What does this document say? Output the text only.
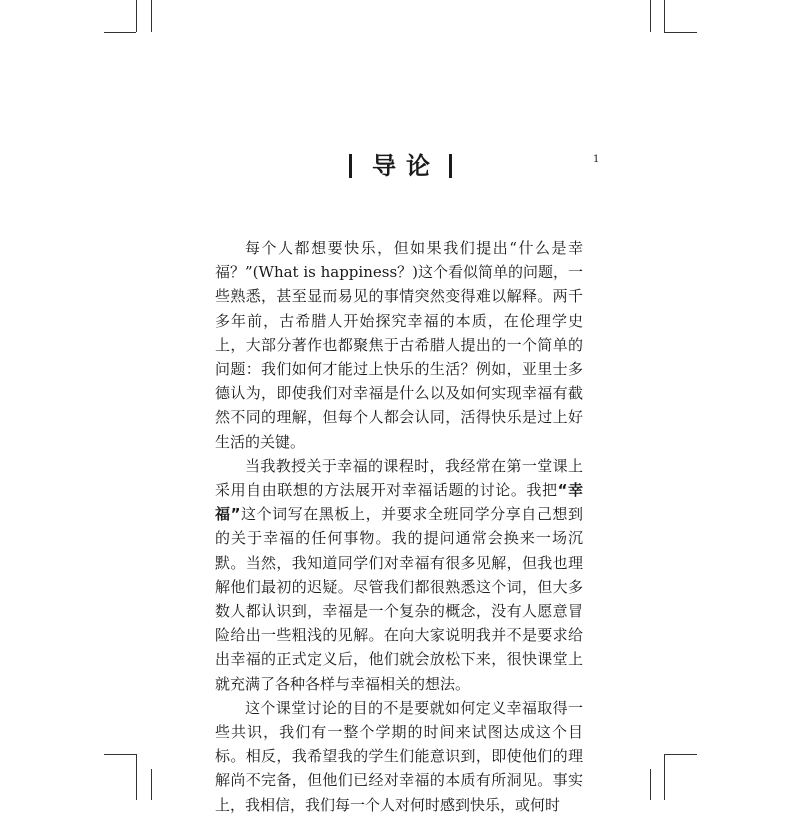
导论	1

每个人都想要快乐，但如果我们提出“什么是幸福？”(What is happiness？)这个看似简单的问题，一些熟悉，甚至显而易见的事情突然变得难以解释。两千多年前，古希腊人开始探究幸福的本质，在伦理学史上，大部分著作也都聚焦于古希腊人提出的一个简单的问题：我们如何才能过上快乐的生活？例如，亚里士多德认为，即使我们对幸福是什么以及如何实现幸福有截然不同的理解，但每个人都会认同，活得快乐是过上好生活的关键。

当我教授关于幸福的课程时，我经常在第一堂课上采用自由联想的方法展开对幸福话题的讨论。我把“幸福”这个词写在黑板上，并要求全班同学分享自己想到的关于幸福的任何事物。我的提问通常会换来一场沉默。当然，我知道同学们对幸福有很多见解，但我也理解他们最初的迟疑。尽管我们都很熟悉这个词，但大多数人都认识到，幸福是一个复杂的概念，没有人愿意冒险给出一些粗浅的见解。在向大家说明我并不是要求给出幸福的正式定义后，他们就会放松下来，很快课堂上就充满了各种各样与幸福相关的想法。

这个课堂讨论的目的不是要就如何定义幸福取得一些共识，我们有一整个学期的时间来试图达成这个目标。相反，我希望我的学生们能意识到，即使他们的理解尚不完备，但他们已经对幸福的本质有所洞见。事实上，我相信，我们每一个人对何时感到快乐，或何时
